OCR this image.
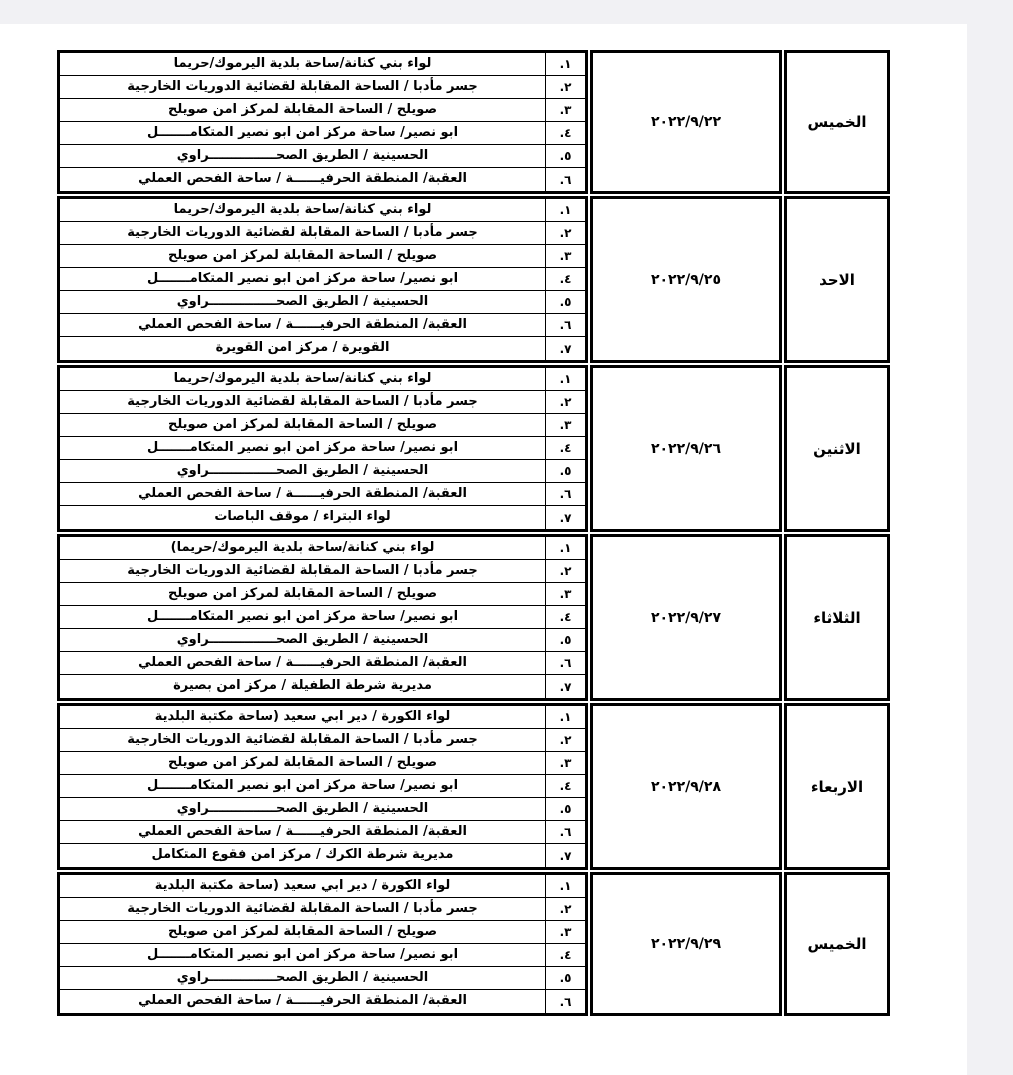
لواء بني كنانة/ساحة بلدية اليرموك/حريما	١.
جسر مأدبا / الساحة المقابلة لقضائية الدوريات الخارجية	٢.
صويلح / الساحة المقابلة لمركز امن صويلح	٣.
ابو نصير/ ساحة مركز امن ابو نصير المتكامـــــــل	٤.
الحسينية / الطريق الصحـــــــــــــــراوي	٥.
العقبة/ المنطقة الحرفيــــــة / ساحة الفحص العملي	٦.
٢٠٢٢/٩/٢٢	الخميس
لواء بني كنانة/ساحة بلدية اليرموك/حريما	١.
جسر مأدبا / الساحة المقابلة لقضائية الدوريات الخارجية	٢.
صويلح / الساحة المقابلة لمركز امن صويلح	٣.
ابو نصير/ ساحة مركز امن ابو نصير المتكامـــــــل	٤.
الحسينية / الطريق الصحـــــــــــــــراوي	٥.
العقبة/ المنطقة الحرفيــــــة / ساحة الفحص العملي	٦.
القويرة / مركز امن القويرة	٧.
٢٠٢٢/٩/٢٥	الاحد
لواء بني كنانة/ساحة بلدية اليرموك/حريما	١.
جسر مأدبا / الساحة المقابلة لقضائية الدوريات الخارجية	٢.
صويلح / الساحة المقابلة لمركز امن صويلح	٣.
ابو نصير/ ساحة مركز امن ابو نصير المتكامـــــــل	٤.
الحسينية / الطريق الصحـــــــــــــــراوي	٥.
العقبة/ المنطقة الحرفيــــــة / ساحة الفحص العملي	٦.
لواء البتراء / موقف الباصات	٧.
٢٠٢٢/٩/٢٦	الاثنين
لواء بني كنانة/ساحة بلدية اليرموك/حريما)	١.
جسر مأدبا / الساحة المقابلة لقضائية الدوريات الخارجية	٢.
صويلح / الساحة المقابلة لمركز امن صويلح	٣.
ابو نصير/ ساحة مركز امن ابو نصير المتكامـــــــل	٤.
الحسينية / الطريق الصحـــــــــــــــراوي	٥.
العقبة/ المنطقة الحرفيــــــة / ساحة الفحص العملي	٦.
مديرية شرطة الطفيلة / مركز امن بصيرة	٧.
٢٠٢٢/٩/٢٧	الثلاثاء
لواء الكورة / دير ابي سعيد (ساحة مكتبة البلدية	١.
جسر مأدبا / الساحة المقابلة لقضائية الدوريات الخارجية	٢.
صويلح / الساحة المقابلة لمركز امن صويلح	٣.
ابو نصير/ ساحة مركز امن ابو نصير المتكامـــــــل	٤.
الحسينية / الطريق الصحـــــــــــــــراوي	٥.
العقبة/ المنطقة الحرفيــــــة / ساحة الفحص العملي	٦.
مديرية شرطة الكرك / مركز امن فقوع المتكامل	٧.
٢٠٢٢/٩/٢٨	الاربعاء
لواء الكورة / دير ابي سعيد (ساحة مكتبة البلدية	١.
جسر مأدبا / الساحة المقابلة لقضائية الدوريات الخارجية	٢.
صويلح / الساحة المقابلة لمركز امن صويلح	٣.
ابو نصير/ ساحة مركز امن ابو نصير المتكامـــــــل	٤.
الحسينية / الطريق الصحـــــــــــــــراوي	٥.
العقبة/ المنطقة الحرفيــــــة / ساحة الفحص العملي	٦.
٢٠٢٢/٩/٢٩	الخميس
